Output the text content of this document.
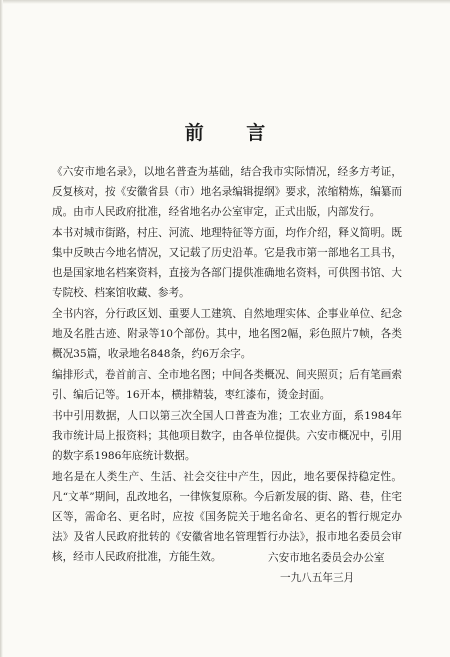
前 言

《六安市地名录》，以地名普查为基础，结合我市实际情况，经多方考证，反复核对，按《安徽省县（市）地名录编辑提纲》要求，浓缩精炼，编纂而成。由市人民政府批准，经省地名办公室审定，正式出版，内部发行。

本书对城市街路，村庄、河流、地理特征等方面，均作介绍，释义简明。既集中反映古今地名情况，又记载了历史沿革。它是我市第一部地名工具书，也是国家地名档案资料，直接为各部门提供准确地名资料，可供图书馆、大专院校、档案馆收藏、参考。

全书内容，分行政区划、重要人工建筑、自然地理实体、企事业单位、纪念地及名胜古迹、附录等10个部份。其中，地名图2幅，彩色照片7帧，各类概况35篇，收录地名848条，约6万余字。

编排形式，卷首前言、全市地名图；中间各类概况、间夹照页；后有笔画索引、编后记等。16开本，横排精装，枣红漆布，烫金封面。

书中引用数据，人口以第三次全国人口普查为准；工农业方面，系1984年我市统计局上报资料；其他项目数字，由各单位提供。六安市概况中，引用的数字系1986年底统计数据。

地名是在人类生产、生活、社会交往中产生，因此，地名要保持稳定性。凡“文革”期间，乱改地名，一律恢复原称。今后新发展的街、路、巷，住宅区等，需命名、更名时，应按《国务院关于地名命名、更名的暂行规定办法》及省人民政府批转的《安徽省地名管理暂行办法》，报市地名委员会审核，经市人民政府批准，方能生效。	六安市地名委员会办公室
一九八五年三月
